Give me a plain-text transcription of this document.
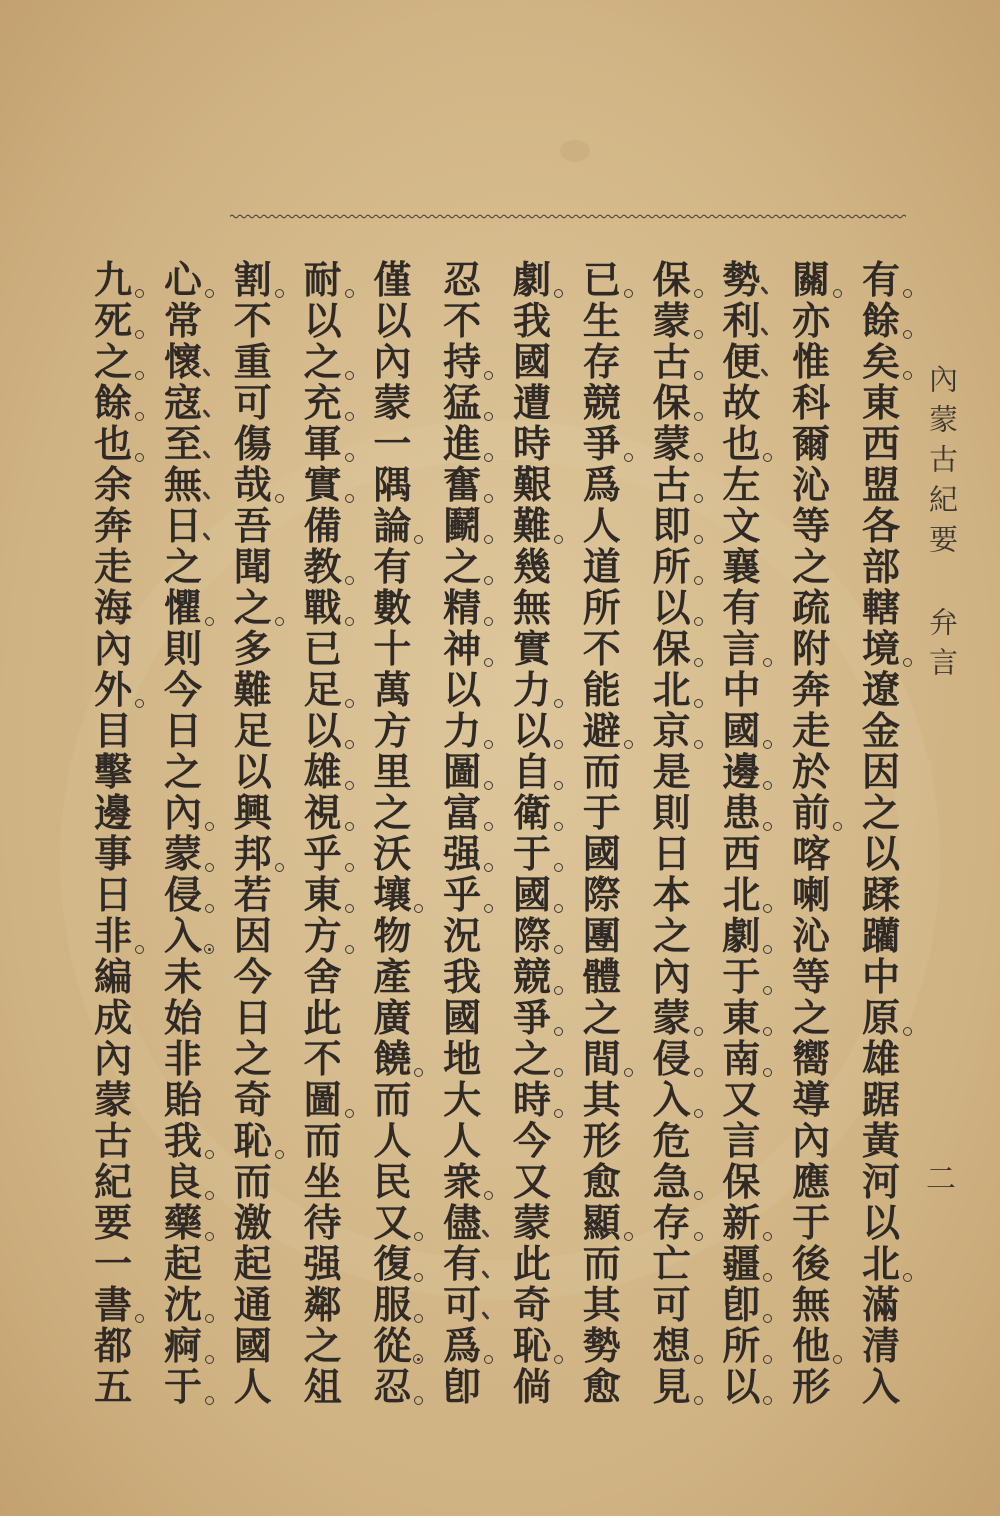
內蒙古紀要
弁言
二
有
餘
矣
東
西
盟
各
部
轄
境
遼
金
因
之
以
蹂
躪
中
原
雄
踞
黃
河
以
北
滿
清
入
關
亦
惟
科
爾
沁
等
之
疏
附
奔
走
於
前
喀
喇
沁
等
之
嚮
導
內
應
于
後
無
他
形
勢
利
便
故
也
左
文
襄
有
言
中
國
邊
患
西
北
劇
于
東
南
又
言
保
新
疆
卽
所
以
保
蒙
古
保
蒙
古
即
所
以
保
北
京
是
則
日
本
之
內
蒙
侵
入
危
急
存
亡
可
想
見
已
生
存
競
爭
爲
人
道
所
不
能
避
而
于
國
際
團
體
之
間
其
形
愈
顯
而
其
勢
愈
劇
我
國
遭
時
艱
難
幾
無
實
力
以
自
衛
于
國
際
競
爭
之
時
今
又
蒙
此
奇
恥
倘
忍
不
持
猛
進
奮
鬬
之
精
神
以
力
圖
富
强
乎
況
我
國
地
大
人
衆
儘
有
可
爲
卽
僅
以
內
蒙
一
隅
論
有
數
十
萬
方
里
之
沃
壤
物
產
廣
饒
而
人
民
又
復
服
從
忍
耐
以
之
充
軍
實
備
教
戰
已
足
以
雄
視
乎
東
方
舍
此
不
圖
而
坐
待
强
鄰
之
俎
割
不
重
可
傷
哉
吾
聞
之
多
難
足
以
興
邦
若
因
今
日
之
奇
恥
而
激
起
通
國
人
心
常
懷
寇
至
無
日
之
懼
則
今
日
之
內
蒙
侵
入
未
始
非
貽
我
良
藥
起
沈
痾
于
九
死
之
餘
也
余
奔
走
海
內
外
目
擊
邊
事
日
非
編
成
內
蒙
古
紀
要
一
書
都
五
